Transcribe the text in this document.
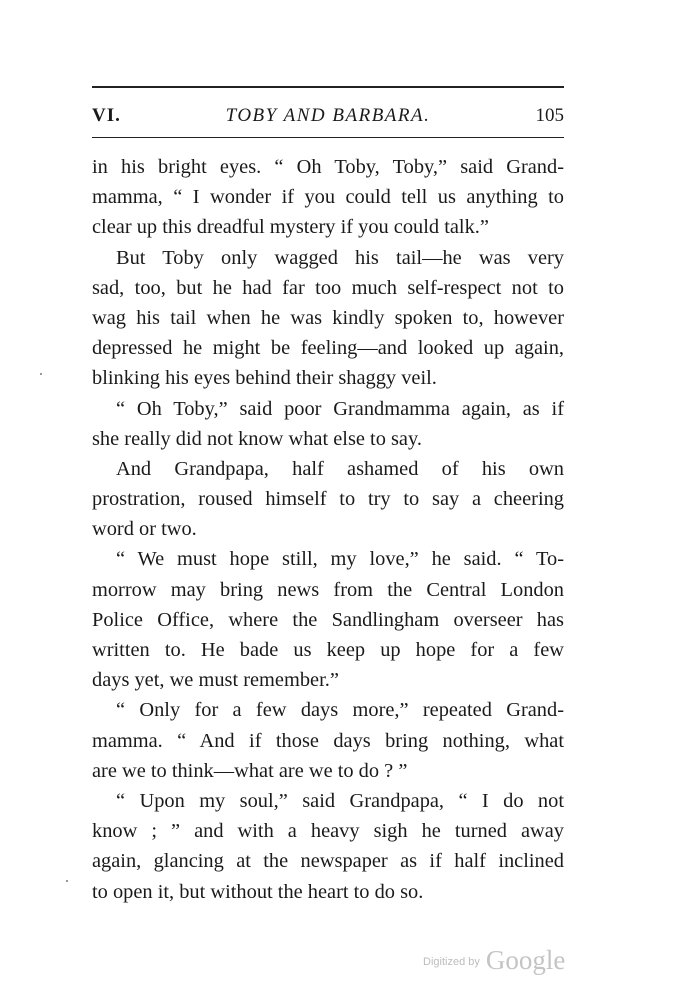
VI.	TOBY AND BARBARA.	105
in his bright eyes. “ Oh Toby, Toby,” said Grand-
mamma, “ I wonder if you could tell us anything to
clear up this dreadful mystery if you could talk.”
But Toby only wagged his tail—he was very
sad, too, but he had far too much self-respect not to
wag his tail when he was kindly spoken to, however
depressed he might be feeling—and looked up again,
blinking his eyes behind their shaggy veil.
“ Oh Toby,” said poor Grandmamma again, as if
she really did not know what else to say.
And Grandpapa, half ashamed of his own
prostration, roused himself to try to say a cheering
word or two.
“ We must hope still, my love,” he said. “ To-
morrow may bring news from the Central London
Police Office, where the Sandlingham overseer has
written to. He bade us keep up hope for a few
days yet, we must remember.”
“ Only for a few days more,” repeated Grand-
mamma. “ And if those days bring nothing, what
are we to think—what are we to do ? ”
“ Upon my soul,” said Grandpapa, “ I do not
know ; ” and with a heavy sigh he turned away
again, glancing at the newspaper as if half inclined
to open it, but without the heart to do so.
$^{Digitized by}$ Google
